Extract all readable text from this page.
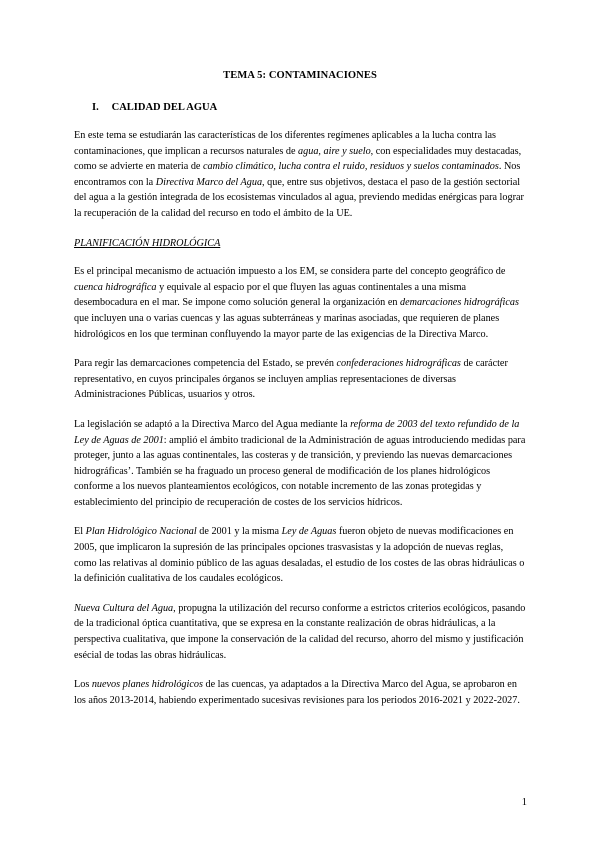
TEMA 5: CONTAMINACIONES
I. CALIDAD DEL AGUA

En este tema se estudiarán las características de los diferentes regímenes aplicables a la lucha contra las contaminaciones, que implican a recursos naturales de agua, aire y suelo, con especialidades muy destacadas, como se advierte en materia de cambio climático, lucha contra el ruido, residuos y suelos contaminados. Nos encontramos con la Directiva Marco del Agua, que, entre sus objetivos, destaca el paso de la gestión sectorial del agua a la gestión integrada de los ecosistemas vinculados al agua, previendo medidas enérgicas para lograr la recuperación de la calidad del recurso en todo el ámbito de la UE.

PLANIFICACIÓN HIDROLÓGICA

Es el principal mecanismo de actuación impuesto a los EM, se considera parte del concepto geográfico de cuenca hidrográfica y equivale al espacio por el que fluyen las aguas continentales a una misma desembocadura en el mar. Se impone como solución general la organización en demarcaciones hidrográficas que incluyen una o varias cuencas y las aguas subterráneas y marinas asociadas, que requieren de planes hidrológicos en los que terminan confluyendo la mayor parte de las exigencias de la Directiva Marco.

Para regir las demarcaciones competencia del Estado, se prevén confederaciones hidrográficas de carácter representativo, en cuyos principales órganos se incluyen amplias representaciones de diversas Administraciones Públicas, usuarios y otros.

La legislación se adaptó a la Directiva Marco del Agua mediante la reforma de 2003 del texto refundido de la Ley de Aguas de 2001: amplió el ámbito tradicional de la Administración de aguas introduciendo medidas para proteger, junto a las aguas continentales, las costeras y de transición, y previendo las nuevas demarcaciones hidrográficas’. También se ha fraguado un proceso general de modificación de los planes hidrológicos conforme a los nuevos planteamientos ecológicos, con notable incremento de las zonas protegidas y establecimiento del principio de recuperación de costes de los servicios hídricos.

El Plan Hidrológico Nacional de 2001 y la misma Ley de Aguas fueron objeto de nuevas modificaciones en 2005, que implicaron la supresión de las principales opciones trasvasistas y la adopción de nuevas reglas, como las relativas al dominio público de las aguas desaladas, el estudio de los costes de las obras hidráulicas o la definición cualitativa de los caudales ecológicos.

Nueva Cultura del Agua, propugna la utilización del recurso conforme a estrictos criterios ecológicos, pasando de la tradicional óptica cuantitativa, que se expresa en la constante realización de obras hidráulicas, a la perspectiva cualitativa, que impone la conservación de la calidad del recurso, ahorro del mismo y justificación esécial de todas las obras hidráulicas.

Los nuevos planes hidrológicos de las cuencas, ya adaptados a la Directiva Marco del Agua, se aprobaron en los años 2013-2014, habiendo experimentado sucesivas revisiones para los periodos 2016-2021 y 2022-2027.

1
